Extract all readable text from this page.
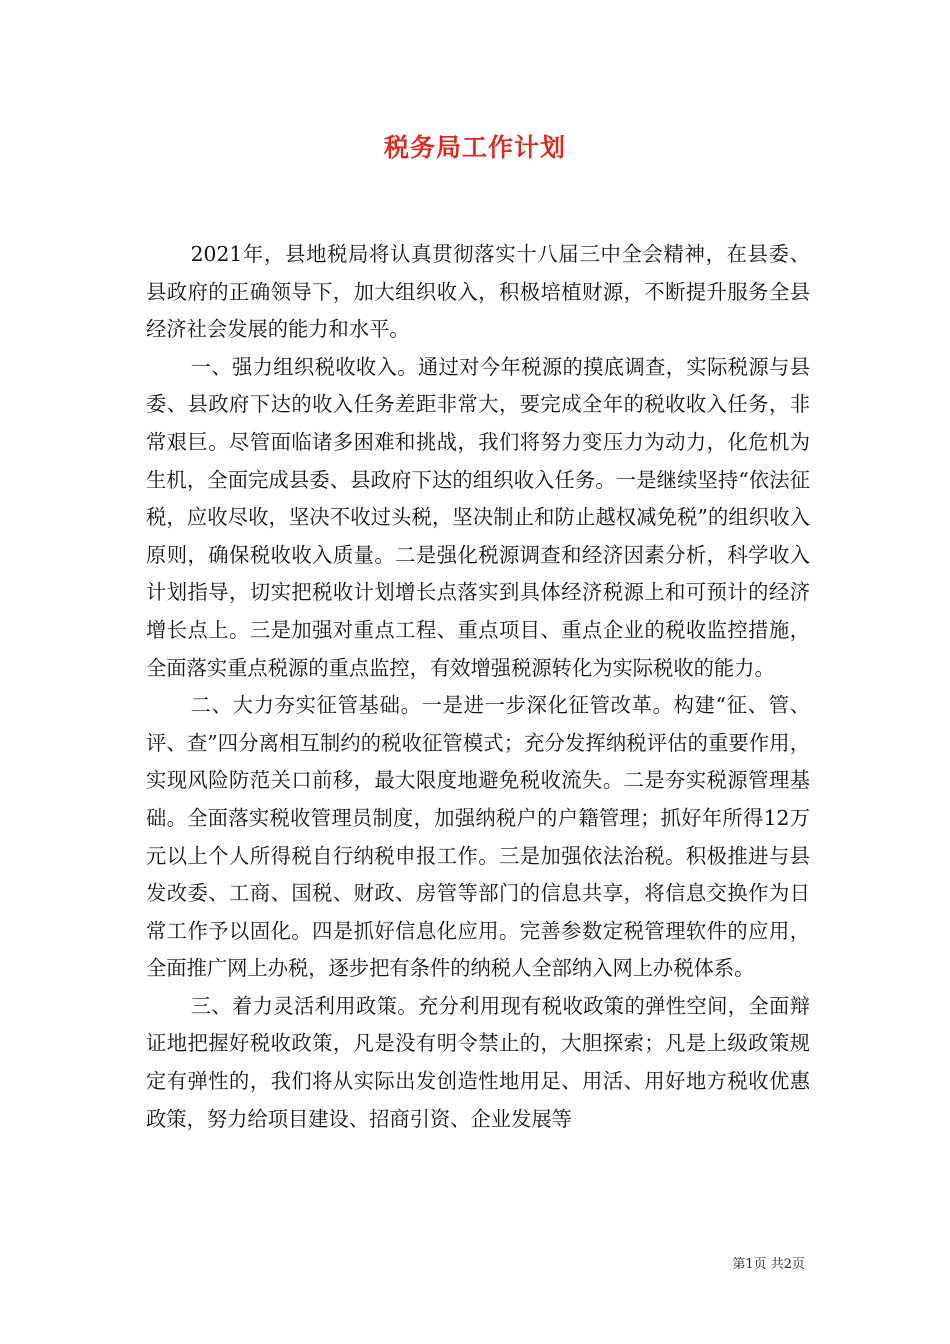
税务局工作计划

2021年，县地税局将认真贯彻落实十八届三中全会精神，在县委、县政府的正确领导下，加大组织收入，积极培植财源，不断提升服务全县经济社会发展的能力和水平。

一、强力组织税收收入。通过对今年税源的摸底调查，实际税源与县委、县政府下达的收入任务差距非常大，要完成全年的税收收入任务，非常艰巨。尽管面临诸多困难和挑战，我们将努力变压力为动力，化危机为生机，全面完成县委、县政府下达的组织收入任务。一是继续坚持“依法征税，应收尽收，坚决不收过头税，坚决制止和防止越权减免税”的组织收入原则，确保税收收入质量。二是强化税源调查和经济因素分析，科学收入计划指导，切实把税收计划增长点落实到具体经济税源上和可预计的经济增长点上。三是加强对重点工程、重点项目、重点企业的税收监控措施，全面落实重点税源的重点监控，有效增强税源转化为实际税收的能力。

二、大力夯实征管基础。一是进一步深化征管改革。构建“征、管、评、查”四分离相互制约的税收征管模式；充分发挥纳税评估的重要作用，实现风险防范关口前移，最大限度地避免税收流失。二是夯实税源管理基础。全面落实税收管理员制度，加强纳税户的户籍管理；抓好年所得12万元以上个人所得税自行纳税申报工作。三是加强依法治税。积极推进与县发改委、工商、国税、财政、房管等部门的信息共享，将信息交换作为日常工作予以固化。四是抓好信息化应用。完善参数定税管理软件的应用，全面推广网上办税，逐步把有条件的纳税人全部纳入网上办税体系。

三、着力灵活利用政策。充分利用现有税收政策的弹性空间，全面辩证地把握好税收政策，凡是没有明令禁止的，大胆探索；凡是上级政策规定有弹性的，我们将从实际出发创造性地用足、用活、用好地方税收优惠政策，努力给项目建设、招商引资、企业发展等

第1页 共2页
